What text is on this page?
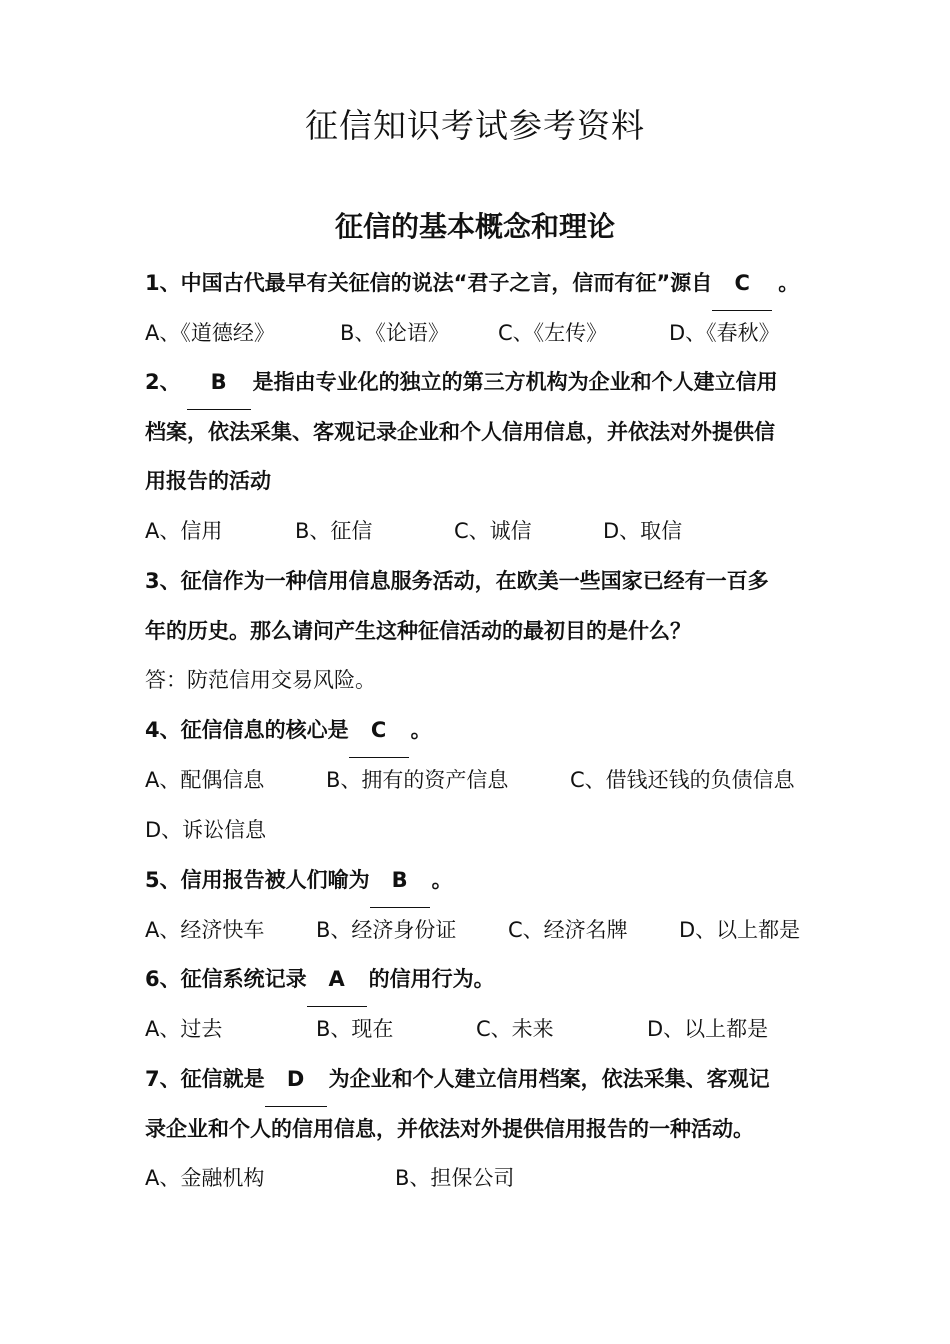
征信知识考试参考资料
征信的基本概念和理论
1、中国古代最早有关征信的说法“君子之言，信而有征”源自 C 。
A、《道德经》	B、《论语》 C、《左传》	D、《春秋》
2、 B 是指由专业化的独立的第三方机构为企业和个人建立信用
档案，依法采集、客观记录企业和个人信用信息，并依法对外提供信
用报告的活动
A、信用	B、征信	C、诚信	D、取信
3、征信作为一种信用信息服务活动，在欧美一些国家已经有一百多
年的历史。那么请问产生这种征信活动的最初目的是什么？
答：防范信用交易风险。
4、征信信息的核心是 C 。
A、配偶信息	B、拥有的资产信息	C、借钱还钱的负债信息
D、诉讼信息
5、信用报告被人们喻为 B 。
A、经济快车 B、经济身份证 C、经济名牌 D、以上都是
6、征信系统记录 A 的信用行为。
A、过去	B、现在	C、未来	D、以上都是
7、征信就是 D 为企业和个人建立信用档案，依法采集、客观记
录企业和个人的信用信息，并依法对外提供信用报告的一种活动。
A、金融机构	B、担保公司
